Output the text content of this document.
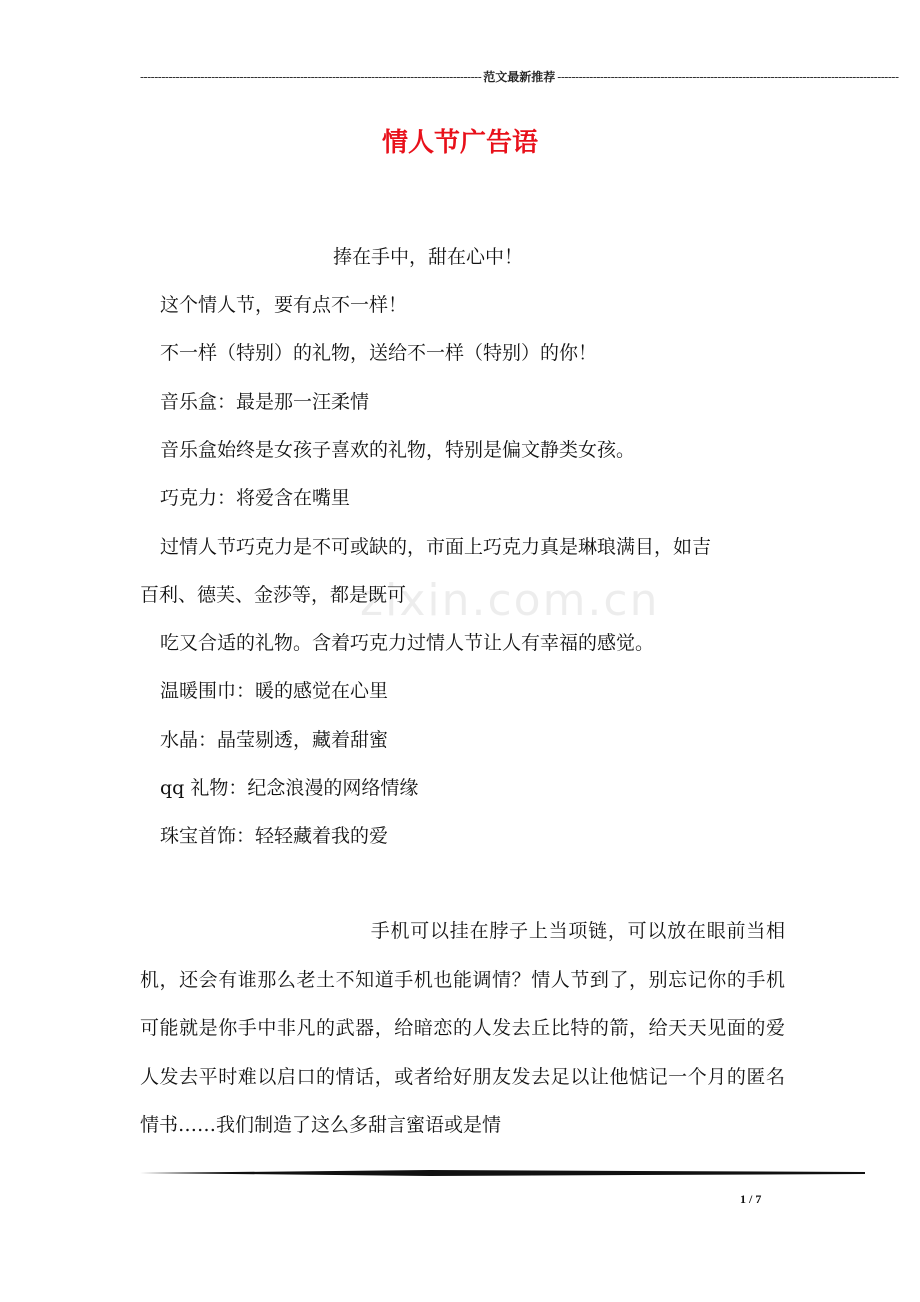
------------------------------------------------------------------------------------------------ 范文最新推荐 ------------------------------------------------------------------------------------------------
情人节广告语
zixin.com.cn
捧在手中，甜在心中！
这个情人节，要有点不一样！
不一样（特别）的礼物，送给不一样（特别）的你！
音乐盒：最是那一汪柔情
音乐盒始终是女孩子喜欢的礼物，特别是偏文静类女孩。
巧克力：将爱含在嘴里
过情人节巧克力是不可或缺的，市面上巧克力真是琳琅满目，如吉
百利、德芙、金莎等，都是既可
吃又合适的礼物。含着巧克力过情人节让人有幸福的感觉。
温暖围巾：暖的感觉在心里
水晶：晶莹剔透，藏着甜蜜
qq 礼物：纪念浪漫的网络情缘
珠宝首饰：轻轻藏着我的爱
手机可以挂在脖子上当项链，可以放在眼前当相机，还会有谁那么老土不知道手机也能调情？情人节到了，别忘记你的手机可能就是你手中非凡的武器，给暗恋的人发去丘比特的箭，给天天见面的爱人发去平时难以启口的情话，或者给好朋友发去足以让他惦记一个月的匿名情书……我们制造了这么多甜言蜜语或是情
1 / 7
